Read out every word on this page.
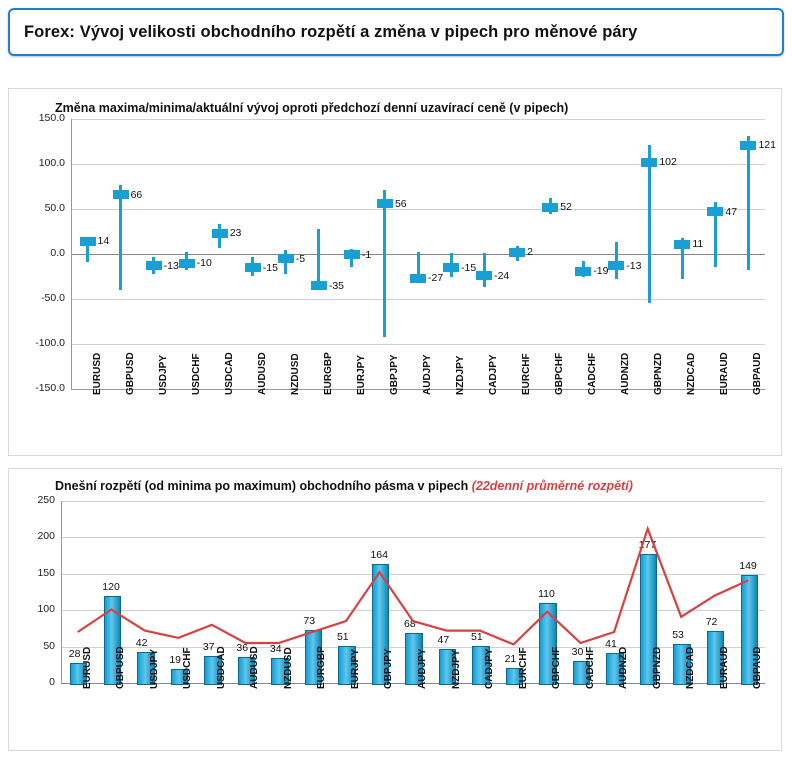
Forex: Vývoj velikosti obchodního rozpětí a změna v pipech pro měnové páry
Změna maxima/minima/aktuální vývoj oproti předchozí denní uzavírací ceně (v pipech)
150.0
100.0
50.0
0.0
-50.0
-100.0
-150.0
14
EURUSD
66
GBPUSD
-13
USDJPY
-10
USDCHF
23
USDCAD
-15
AUDUSD
-5
NZDUSD
-35
EURGBP
-1
EURJPY
56
GBPJPY
-27
AUDJPY
-15
NZDJPY
-24
CADJPY
2
EURCHF
52
GBPCHF
-19
CADCHF
-13
AUDNZD
102
GBPNZD
11
NZDCAD
47
EURAUD
121
GBPAUD
Dnešní rozpětí (od minima po maximum) obchodního pásma v pipech (22denní průměrné rozpětí)
250
200
150
100
50
0
28 EURUSD
120
GBPUSD
42
USDJPY 19 USDCHF
37 USDCAD 36 AUDUSD 34 NZDUSD
73
EURGBP
51
EURJPY
164
GBPJPY
68
AUDJPY
47
NZDJPY
51
CADJPY 21 EURCHF
110
GBPCHF 30 CADCHF
41
AUDNZD
177
GBPNZD
53
NZDCAD
72
EURAUD
149
GBPAUD
